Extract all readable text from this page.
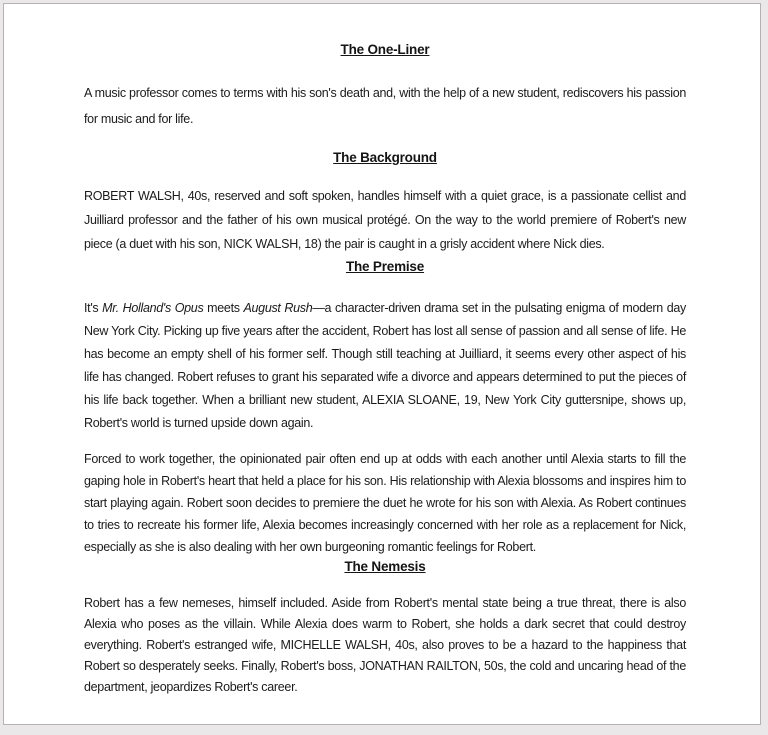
The One-Liner

A music professor comes to terms with his son's death and, with the help of a new student, rediscovers his passion for music and for life.

The Background

ROBERT WALSH, 40s, reserved and soft spoken, handles himself with a quiet grace, is a passionate cellist and Juilliard professor and the father of his own musical protégé. On the way to the world premiere of Robert's new piece (a duet with his son, NICK WALSH, 18) the pair is caught in a grisly accident where Nick dies.

The Premise

It's Mr. Holland's Opus meets August Rush—a character-driven drama set in the pulsating enigma of modern day New York City. Picking up five years after the accident, Robert has lost all sense of passion and all sense of life. He has become an empty shell of his former self. Though still teaching at Juilliard, it seems every other aspect of his life has changed. Robert refuses to grant his separated wife a divorce and appears determined to put the pieces of his life back together. When a brilliant new student, ALEXIA SLOANE, 19, New York City guttersnipe, shows up, Robert's world is turned upside down again.

Forced to work together, the opinionated pair often end up at odds with each another until Alexia starts to fill the gaping hole in Robert's heart that held a place for his son. His relationship with Alexia blossoms and inspires him to start playing again. Robert soon decides to premiere the duet he wrote for his son with Alexia. As Robert continues to tries to recreate his former life, Alexia becomes increasingly concerned with her role as a replacement for Nick, especially as she is also dealing with her own burgeoning romantic feelings for Robert.

The Nemesis

Robert has a few nemeses, himself included. Aside from Robert's mental state being a true threat, there is also Alexia who poses as the villain. While Alexia does warm to Robert, she holds a dark secret that could destroy everything. Robert's estranged wife, MICHELLE WALSH, 40s, also proves to be a hazard to the happiness that Robert so desperately seeks. Finally, Robert's boss, JONATHAN RAILTON, 50s, the cold and uncaring head of the department, jeopardizes Robert's career.
